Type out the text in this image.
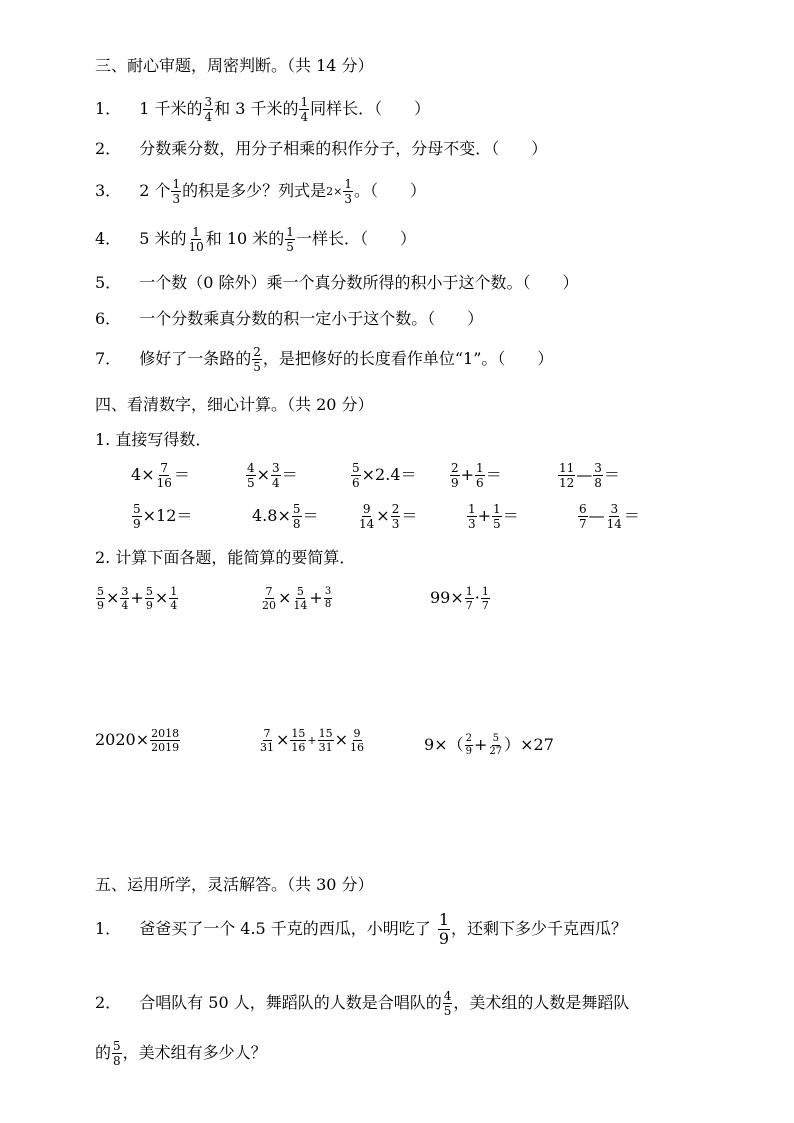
三、耐心审题，周密判断。（共 14 分）
1． 1 千米的 $\frac{3}{4}$ 和 3 千米的 $\frac{1}{4}$ 同样长．（　　）
2． 分数乘分数，用分子相乘的积作分子，分母不变．（　　）
3． 2 个 $\frac{1}{3}$ 的积是多少？列式是$2\times \frac{1}{3}$ 。（　　）
4． 5 米的 $\frac{1}{10}$ 和 10 米的 $\frac{1}{5}$ 一样长．（　　）
5． 一个数（0 除外）乘一个真分数所得的积小于这个数。（　　）
6． 一个分数乘真分数的积一定小于这个数。（　　）
7． 修好了一条路的 $\frac{2}{5}$ ，是把修好的长度看作单位“1”。（　　）
四、看清数字，细心计算。（共 20 分）
1. 直接写得数．
$4\times \frac{7}{16}$ ＝	$\frac{4}{5} \times \frac{3}{4}$ ＝	$\frac{5}{6} \times 2.4=$	$\frac{2}{9} + \frac{1}{6}$ ＝	$\frac{11}{12}$ — $\frac{3}{8}$ ＝
$\frac{5}{9} \times 12=$	$4.8\times \frac{5}{8}$ ＝	$\frac{9}{14} \times \frac{2}{3}$ ＝	$\frac{1}{3} + \frac{1}{5}$ ＝	$\frac{6}{7}$ — $\frac{3}{14}$ ＝
2. 计算下面各题，能简算的要简算．
$\frac{5}{9} \times \frac{3}{4} + \frac{5}{9} \times \frac{1}{4}$	$\frac{7}{20} \times \frac{5}{14} + \frac{3}{8}$	$99\times \frac{1}{7} \cdot \frac{1}{7}$
$2020\times \frac{2018}{2019}$	$\frac{7}{31} \times \frac{15}{16} + \frac{15}{31} \times \frac{9}{16}$	$9\times( \frac{2}{9} + \frac{5}{27} )\times 27$
五、运用所学，灵活解答。（共 30 分）
1． 爸爸买了一个 4.5 千克的西瓜，小明吃了 $\frac{1}{9}$ ，还剩下多少千克西瓜？
2． 合唱队有 50 人，舞蹈队的人数是合唱队的 $\frac{4}{5}$ ，美术组的人数是舞蹈队
的 $\frac{5}{8}$ ，美术组有多少人？
